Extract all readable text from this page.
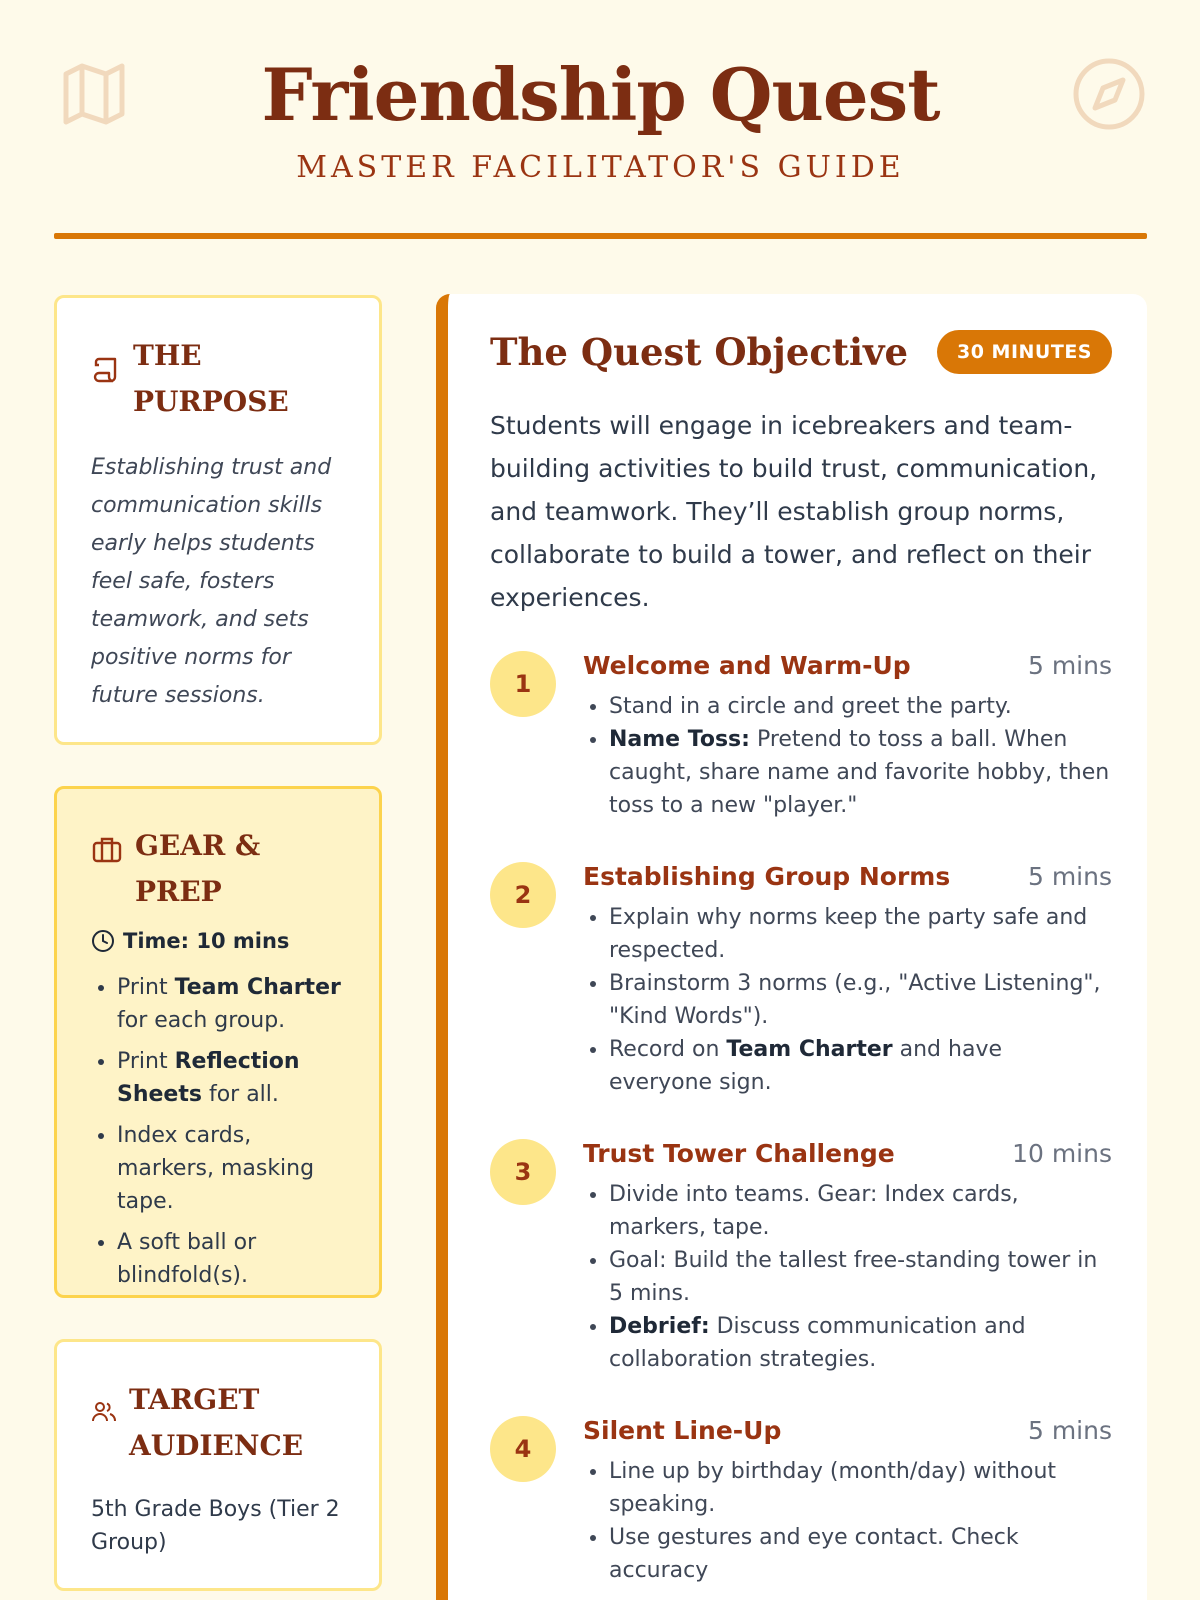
Friendship Quest
MASTER FACILITATOR'S GUIDE
THE PURPOSE
Establishing trust and communication skills early helps students feel safe, fosters teamwork, and sets positive norms for future sessions.
GEAR & PREP
Time: 10 mins
• Print Team Charter for each group.
• Print Reflection Sheets for all.
• Index cards, markers, masking tape.
• A soft ball or blindfold(s).
TARGET AUDIENCE
5th Grade Boys (Tier 2 Group)
The Quest Objective	30 MINUTES
Students will engage in icebreakers and team-building activities to build trust, communication, and teamwork. They’ll establish group norms, collaborate to build a tower, and reflect on their experiences.
1
Welcome and Warm-Up	5 mins
• Stand in a circle and greet the party.
• Name Toss: Pretend to toss a ball. When caught, share name and favorite hobby, then toss to a new "player."
2
Establishing Group Norms	5 mins
• Explain why norms keep the party safe and respected.
• Brainstorm 3 norms (e.g., "Active Listening", "Kind Words").
• Record on Team Charter and have everyone sign.
3
Trust Tower Challenge	10 mins
• Divide into teams. Gear: Index cards, markers, tape.
• Goal: Build the tallest free-standing tower in 5 mins.
• Debrief: Discuss communication and collaboration strategies.
4
Silent Line-Up	5 mins
• Line up by birthday (month/day) without speaking.
• Use gestures and eye contact. Check accuracy
